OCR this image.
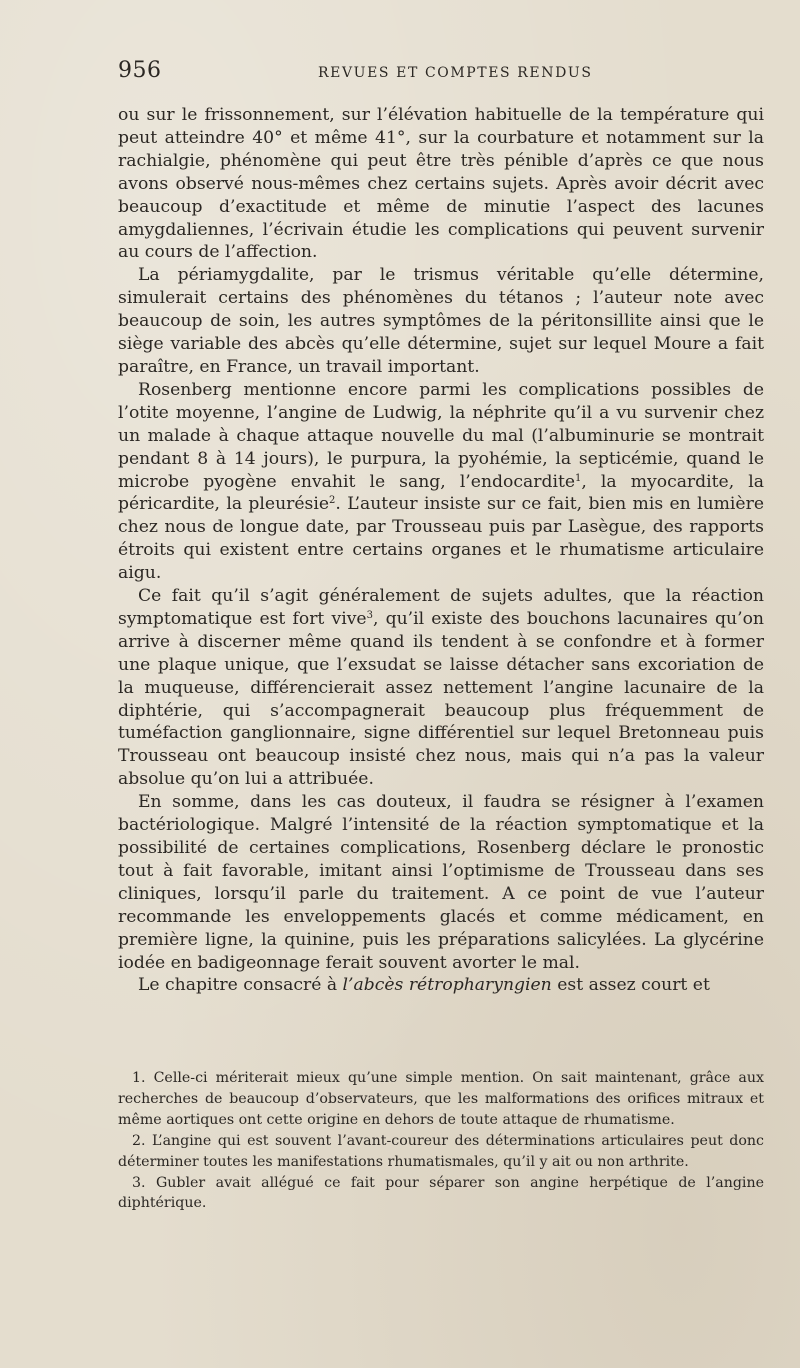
956	REVUES ET COMPTES RENDUS

ou sur le frissonnement, sur l’élévation habituelle de la température qui peut atteindre 40° et même 41°, sur la courbature et notamment sur la rachialgie, phénomène qui peut être très pénible d’après ce que nous avons observé nous-mêmes chez certains sujets. Après avoir décrit avec beaucoup d’exactitude et même de minutie l’aspect des lacunes amygdaliennes, l’écrivain étudie les complications qui peuvent survenir au cours de l’affection.

La périamygdalite, par le trismus véritable qu’elle détermine, simulerait certains des phénomènes du tétanos ; l’auteur note avec beaucoup de soin, les autres symptômes de la péritonsillite ainsi que le siège variable des abcès qu’elle détermine, sujet sur lequel Moure a fait paraître, en France, un travail important.

Rosenberg mentionne encore parmi les complications possibles de l’otite moyenne, l’angine de Ludwig, la néphrite qu’il a vu survenir chez un malade à chaque attaque nouvelle du mal (l’albuminurie se montrait pendant 8 à 14 jours), le purpura, la pyohémie, la septicémie, quand le microbe pyogène envahit le sang, l’endocardite$^1$, la myocardite, la péricardite, la pleurésie$^2$. L’auteur insiste sur ce fait, bien mis en lumière chez nous de longue date, par Trousseau puis par Lasègue, des rapports étroits qui existent entre certains organes et le rhumatisme articulaire aigu.

Ce fait qu’il s’agit généralement de sujets adultes, que la réaction symptomatique est fort vive$^3$, qu’il existe des bouchons lacunaires qu’on arrive à discerner même quand ils tendent à se confondre et à former une plaque unique, que l’exsudat se laisse détacher sans excoriation de la muqueuse, différencierait assez nettement l’angine lacunaire de la diphtérie, qui s’accompagnerait beaucoup plus fréquemment de tuméfaction ganglionnaire, signe différentiel sur lequel Bretonneau puis Trousseau ont beaucoup insisté chez nous, mais qui n’a pas la valeur absolue qu’on lui a attribuée.

En somme, dans les cas douteux, il faudra se résigner à l’examen bactériologique. Malgré l’intensité de la réaction symptomatique et la possibilité de certaines complications, Rosenberg déclare le pronostic tout à fait favorable, imitant ainsi l’optimisme de Trousseau dans ses cliniques, lorsqu’il parle du traitement. A ce point de vue l’auteur recommande les enveloppements glacés et comme médicament, en première ligne, la quinine, puis les préparations salicylées. La glycérine iodée en badigeonnage ferait souvent avorter le mal.

Le chapitre consacré à l’abcès rétropharyngien est assez court et

1. Celle-ci mériterait mieux qu’une simple mention. On sait maintenant, grâce aux recherches de beaucoup d’observateurs, que les malformations des orifices mitraux et même aortiques ont cette origine en dehors de toute attaque de rhumatisme.

2. L’angine qui est souvent l’avant-coureur des déterminations articulaires peut donc déterminer toutes les manifestations rhumatismales, qu’il y ait ou non arthrite.

3. Gubler avait allégué ce fait pour séparer son angine herpétique de l’angine diphtérique.
